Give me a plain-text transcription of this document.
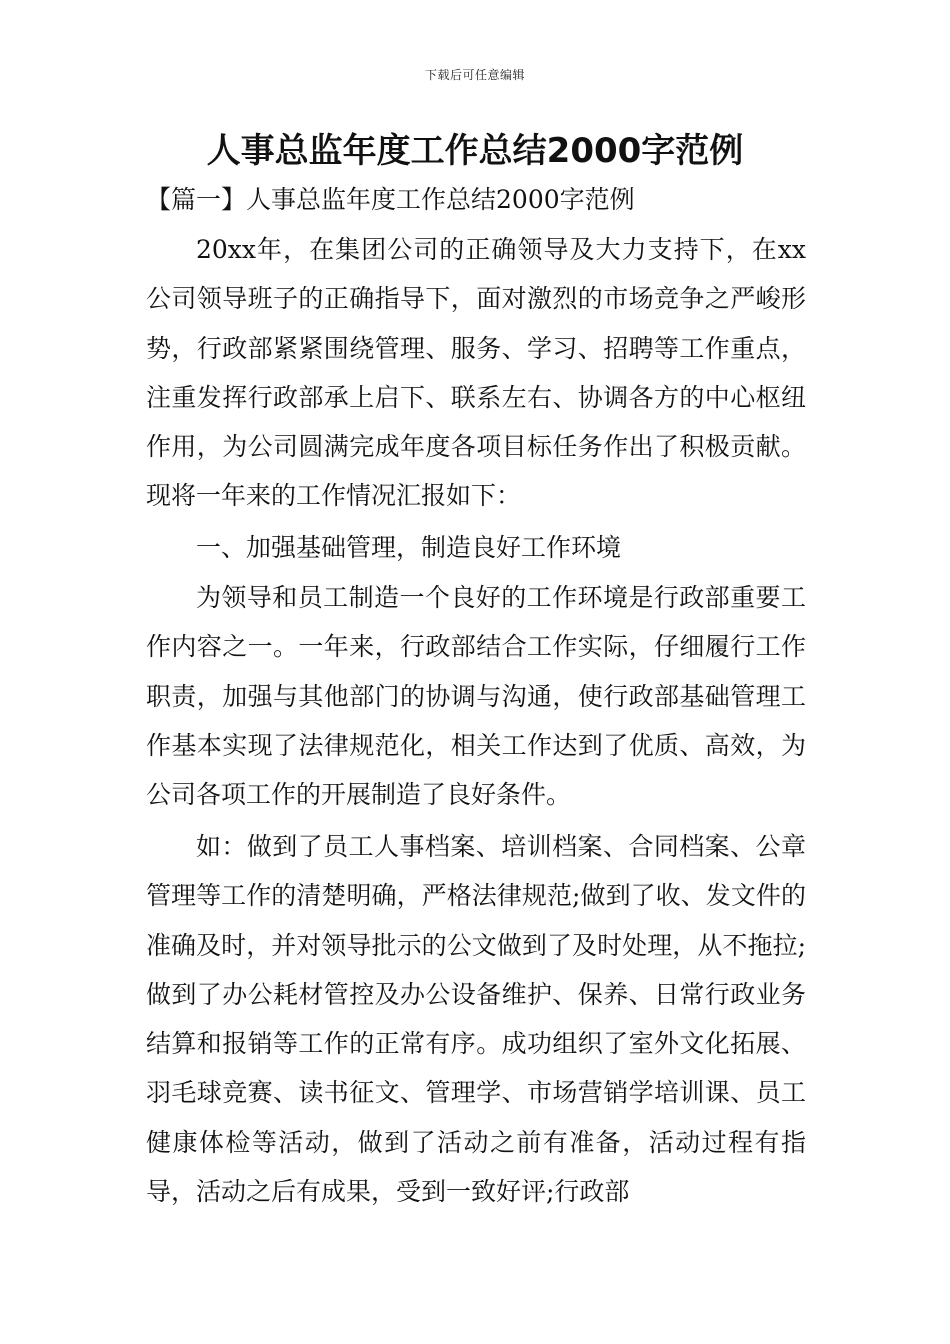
下载后可任意编辑
人事总监年度工作总结2000字范例
【篇一】人事总监年度工作总结2000字范例

20xx年，在集团公司的正确领导及大力支持下，在xx公司领导班子的正确指导下，面对激烈的市场竞争之严峻形势，行政部紧紧围绕管理、服务、学习、招聘等工作重点，注重发挥行政部承上启下、联系左右、协调各方的中心枢纽作用，为公司圆满完成年度各项目标任务作出了积极贡献。现将一年来的工作情况汇报如下：

一、加强基础管理，制造良好工作环境

为领导和员工制造一个良好的工作环境是行政部重要工作内容之一。一年来，行政部结合工作实际，仔细履行工作职责，加强与其他部门的协调与沟通，使行政部基础管理工作基本实现了法律规范化，相关工作达到了优质、高效，为公司各项工作的开展制造了良好条件。

如：做到了员工人事档案、培训档案、合同档案、公章管理等工作的清楚明确，严格法律规范;做到了收、发文件的准确及时，并对领导批示的公文做到了及时处理，从不拖拉;做到了办公耗材管控及办公设备维护、保养、日常行政业务结算和报销等工作的正常有序。成功组织了室外文化拓展、羽毛球竞赛、读书征文、管理学、市场营销学培训课、员工健康体检等活动，做到了活动之前有准备，活动过程有指导，活动之后有成果，受到一致好评;行政部
